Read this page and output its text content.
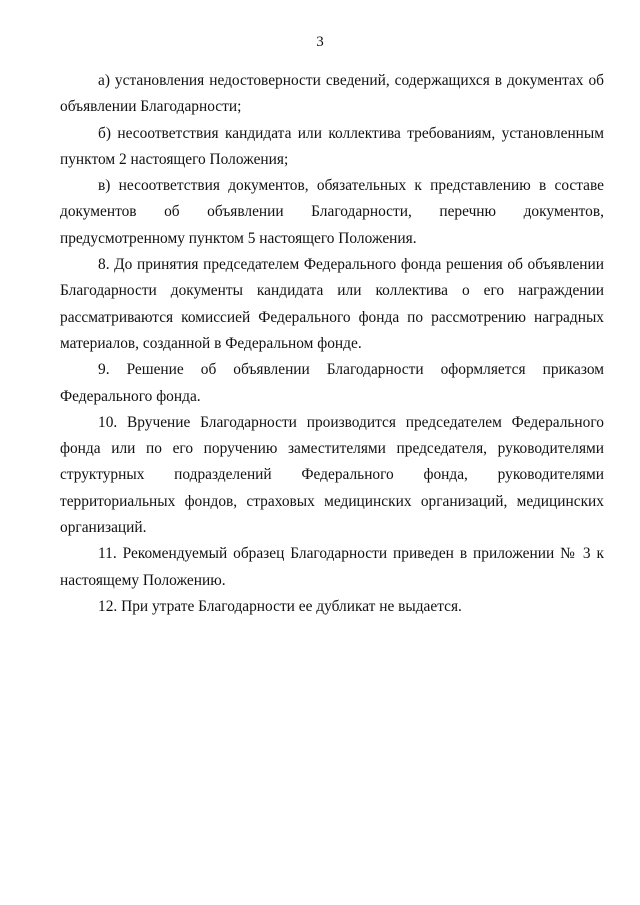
3

а) установления недостоверности сведений, содержащихся в документах об объявлении Благодарности;

б) несоответствия кандидата или коллектива требованиям, установленным пунктом 2 настоящего Положения;

в) несоответствия документов, обязательных к представлению в составе документов об объявлении Благодарности, перечню документов, предусмотренному пунктом 5 настоящего Положения.

8. До принятия председателем Федерального фонда решения об объявлении Благодарности документы кандидата или коллектива о его награждении рассматриваются комиссией Федерального фонда по рассмотрению наградных материалов, созданной в Федеральном фонде.

9. Решение об объявлении Благодарности оформляется приказом Федерального фонда.

10. Вручение Благодарности производится председателем Федерального фонда или по его поручению заместителями председателя, руководителями структурных подразделений Федерального фонда, руководителями территориальных фондов, страховых медицинских организаций, медицинских организаций.

11. Рекомендуемый образец Благодарности приведен в приложении № 3 к настоящему Положению.

12. При утрате Благодарности ее дубликат не выдается.
